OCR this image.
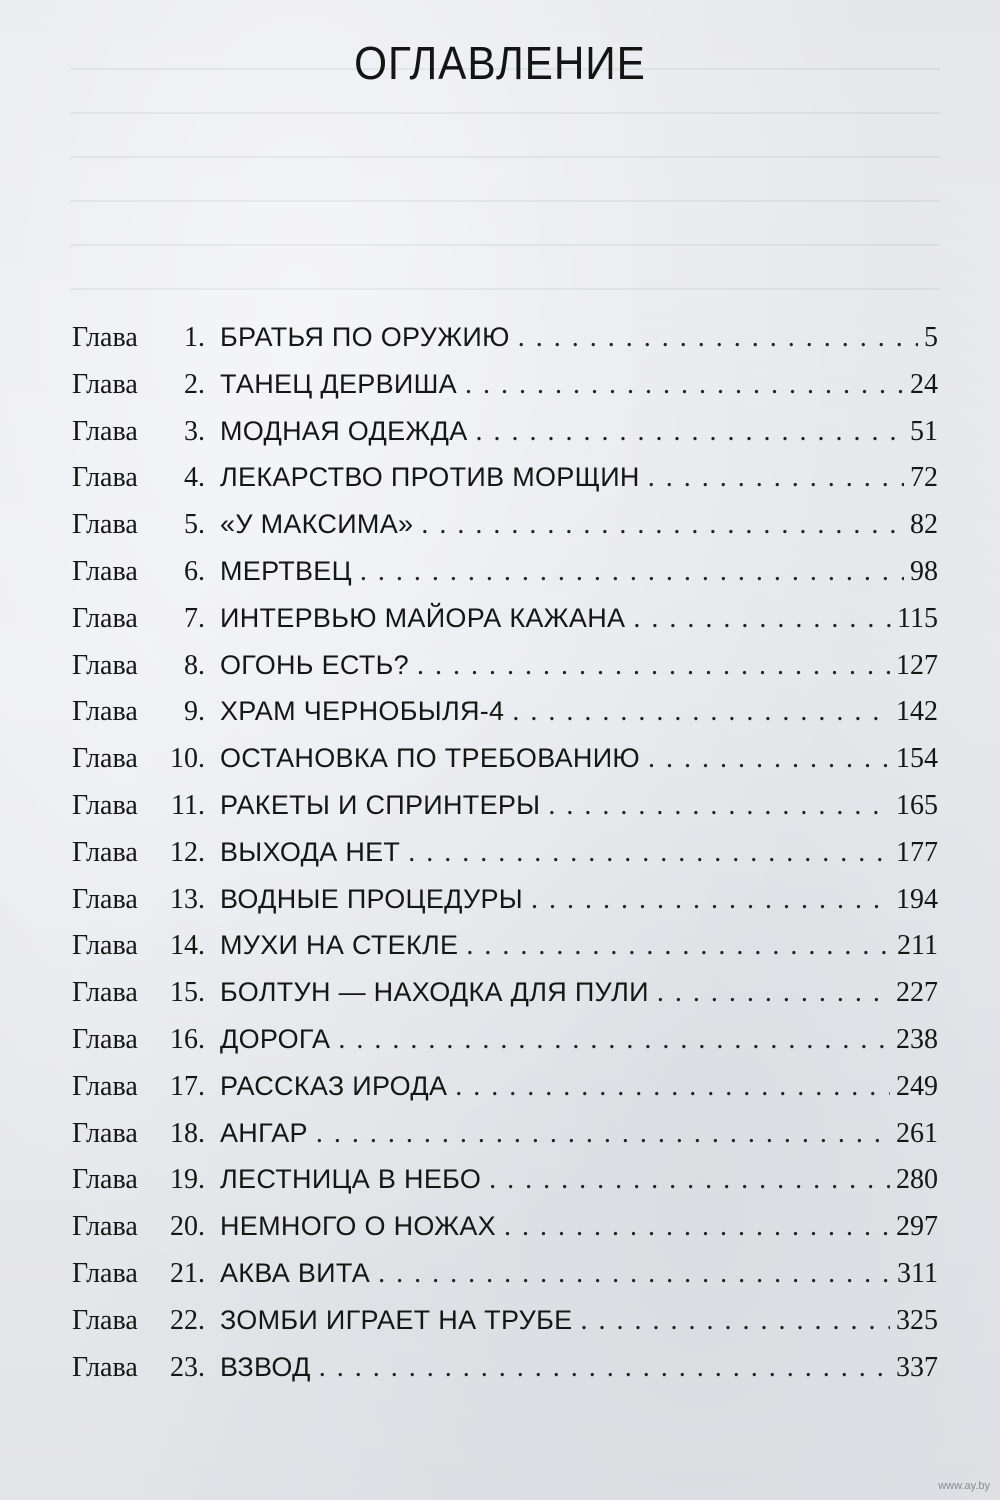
ОГЛАВЛЕНИЕ
Глава	1 . БРАТЬЯ ПО ОРУЖИЮ . . .	5
Глава	2 . ТАНЕЦ ДЕРВИША . . .	24
Глава	3 . МОДНАЯ ОДЕЖДА . . .	51
Глава	4 . ЛЕКАРСТВО ПРОТИВ МОРЩИН . . .	72
Глава	5 . «У МАКСИМА» . . .	82
Глава	6 . МЕРТВЕЦ . . .	98
Глава	7 . ИНТЕРВЬЮ МАЙОРА КАЖАНА . . .	115
Глава	8 . ОГОНЬ ЕСТЬ? . . .	127
Глава	9 . ХРАМ ЧЕРНОБЫЛЯ-4 . . .	142
Глава	10 . ОСТАНОВКА ПО ТРЕБОВАНИЮ . . .	154
Глава	11 . РАКЕТЫ И СПРИНТЕРЫ . . .	165
Глава	12 . ВЫХОДА НЕТ . . .	177
Глава	13 . ВОДНЫЕ ПРОЦЕДУРЫ . . .	194
Глава	14 . МУХИ НА СТЕКЛЕ . . .	211
Глава	15 . БОЛТУН — НАХОДКА ДЛЯ ПУЛИ . . .	227
Глава	16 . ДОРОГА . . .	238
Глава	17 . РАССКАЗ ИРОДА . . .	249
Глава	18 . АНГАР . . .	261
Глава	19 . ЛЕСТНИЦА В НЕБО . . .	280
Глава	20 . НЕМНОГО О НОЖАХ . . .	297
Глава	21 . АКВА ВИТА . . .	311
Глава	22 . ЗОМБИ ИГРАЕТ НА ТРУБЕ . . .	325
Глава	23 . ВЗВОД . . .	337
www.ay.by
